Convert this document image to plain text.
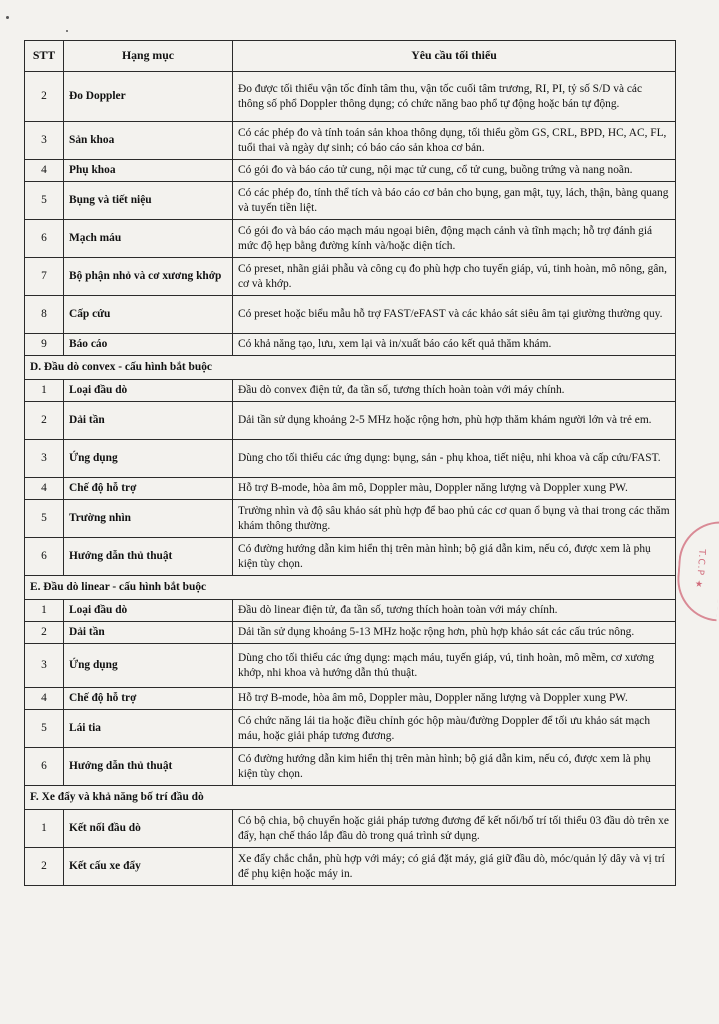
STT	Hạng mục	Yêu cầu tối thiểu
2	Đo Doppler	Đo được tối thiểu vận tốc đỉnh tâm thu, vận tốc cuối tâm trương, RI, PI, tỷ số S/D và các thông số phổ Doppler thông dụng; có chức năng bao phổ tự động hoặc bán tự động.
3	Sản khoa	Có các phép đo và tính toán sản khoa thông dụng, tối thiểu gồm GS, CRL, BPD, HC, AC, FL, tuổi thai và ngày dự sinh; có báo cáo sản khoa cơ bản.
4	Phụ khoa	Có gói đo và báo cáo tử cung, nội mạc tử cung, cổ tử cung, buồng trứng và nang noãn.
5	Bụng và tiết niệu	Có các phép đo, tính thể tích và báo cáo cơ bản cho bụng, gan mật, tụy, lách, thận, bàng quang và tuyến tiền liệt.
6	Mạch máu	Có gói đo và báo cáo mạch máu ngoại biên, động mạch cảnh và tĩnh mạch; hỗ trợ đánh giá mức độ hẹp bằng đường kính và/hoặc diện tích.
7	Bộ phận nhỏ và cơ xương khớp	Có preset, nhãn giải phẫu và công cụ đo phù hợp cho tuyến giáp, vú, tinh hoàn, mô nông, gân, cơ và khớp.
8	Cấp cứu	Có preset hoặc biểu mẫu hỗ trợ FAST/eFAST và các khảo sát siêu âm tại giường thường quy.
9	Báo cáo	Có khả năng tạo, lưu, xem lại và in/xuất báo cáo kết quả thăm khám.
D. Đầu dò convex - cấu hình bắt buộc		
1	Loại đầu dò	Đầu dò convex điện tử, đa tần số, tương thích hoàn toàn với máy chính.
2	Dải tần	Dải tần sử dụng khoảng 2-5 MHz hoặc rộng hơn, phù hợp thăm khám người lớn và trẻ em.
3	Ứng dụng	Dùng cho tối thiểu các ứng dụng: bụng, sản - phụ khoa, tiết niệu, nhi khoa và cấp cứu/FAST.
4	Chế độ hỗ trợ	Hỗ trợ B-mode, hòa âm mô, Doppler màu, Doppler năng lượng và Doppler xung PW.
5	Trường nhìn	Trường nhìn và độ sâu khảo sát phù hợp để bao phủ các cơ quan ổ bụng và thai trong các thăm khám thông thường.
6	Hướng dẫn thủ thuật	Có đường hướng dẫn kim hiển thị trên màn hình; bộ giá dẫn kim, nếu có, được xem là phụ kiện tùy chọn.
E. Đầu dò linear - cấu hình bắt buộc		
1	Loại đầu dò	Đầu dò linear điện tử, đa tần số, tương thích hoàn toàn với máy chính.
2	Dải tần	Dải tần sử dụng khoảng 5-13 MHz hoặc rộng hơn, phù hợp khảo sát các cấu trúc nông.
3	Ứng dụng	Dùng cho tối thiểu các ứng dụng: mạch máu, tuyến giáp, vú, tinh hoàn, mô mềm, cơ xương khớp, nhi khoa và hướng dẫn thủ thuật.
4	Chế độ hỗ trợ	Hỗ trợ B-mode, hòa âm mô, Doppler màu, Doppler năng lượng và Doppler xung PW.
5	Lái tia	Có chức năng lái tia hoặc điều chỉnh góc hộp màu/đường Doppler để tối ưu khảo sát mạch máu, hoặc giải pháp tương đương.
6	Hướng dẫn thủ thuật	Có đường hướng dẫn kim hiển thị trên màn hình; bộ giá dẫn kim, nếu có, được xem là phụ kiện tùy chọn.
F. Xe đẩy và khả năng bố trí đầu dò		
1	Kết nối đầu dò	Có bộ chia, bộ chuyển hoặc giải pháp tương đương để kết nối/bố trí tối thiểu 03 đầu dò trên xe đẩy, hạn chế tháo lắp đầu dò trong quá trình sử dụng.
2	Kết cấu xe đẩy	Xe đẩy chắc chắn, phù hợp với máy; có giá đặt máy, giá giữ đầu dò, móc/quản lý dây và vị trí để phụ kiện hoặc máy in.
T.C.P ★
